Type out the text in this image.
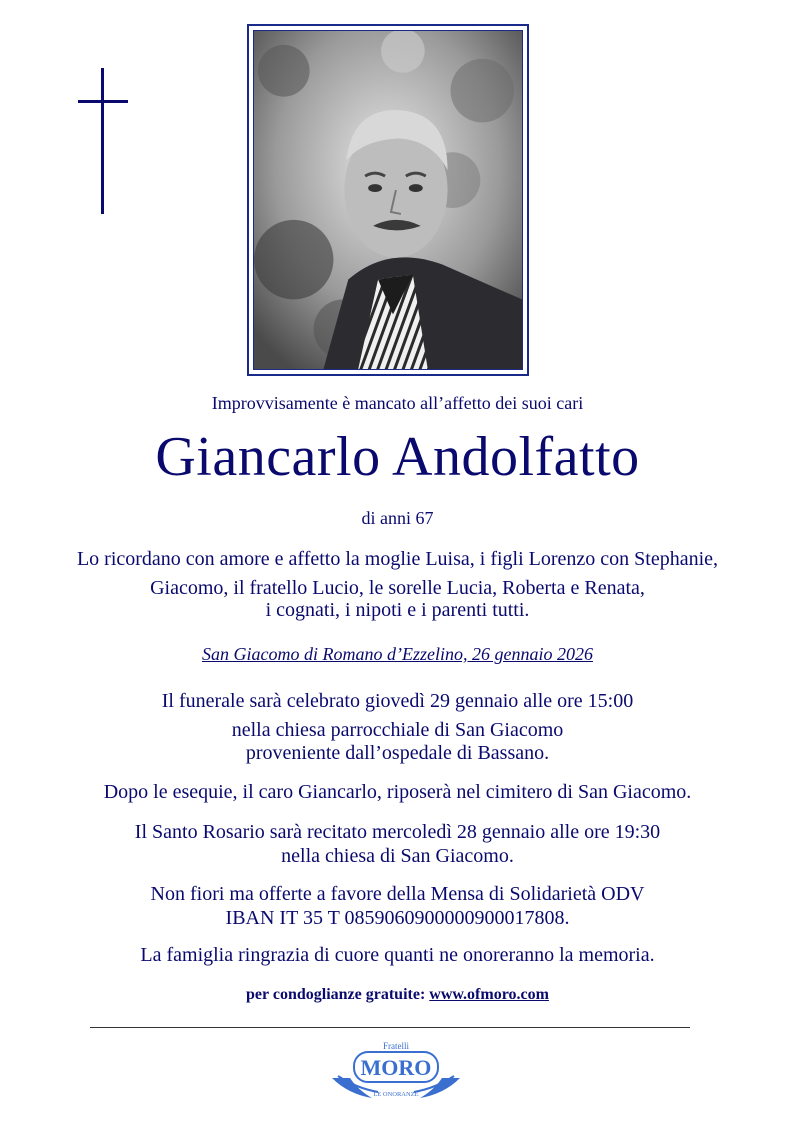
Improvvisamente è mancato all’affetto dei suoi cari
Giancarlo Andolfatto
di anni 67
Lo ricordano con amore e affetto la moglie Luisa, i figli Lorenzo con Stephanie,
Giacomo, il fratello Lucio, le sorelle Lucia, Roberta e Renata,
i cognati, i nipoti e i parenti tutti.
San Giacomo di Romano d’Ezzelino, 26 gennaio 2026
Il funerale sarà celebrato giovedì 29 gennaio alle ore 15:00
nella chiesa parrocchiale di San Giacomo
proveniente dall’ospedale di Bassano.
Dopo le esequie, il caro Giancarlo, riposerà nel cimitero di San Giacomo.
Il Santo Rosario sarà recitato mercoledì 28 gennaio alle ore 19:30
nella chiesa di San Giacomo.
Non fiori ma offerte a favore della Mensa di Solidarietà ODV
IBAN IT 35 T 0859060900000900017808.
La famiglia ringrazia di cuore quanti ne onoreranno la memoria.
per condoglianze gratuite: www.ofmoro.com
Fratelli
MORO
LE ONORANZE
